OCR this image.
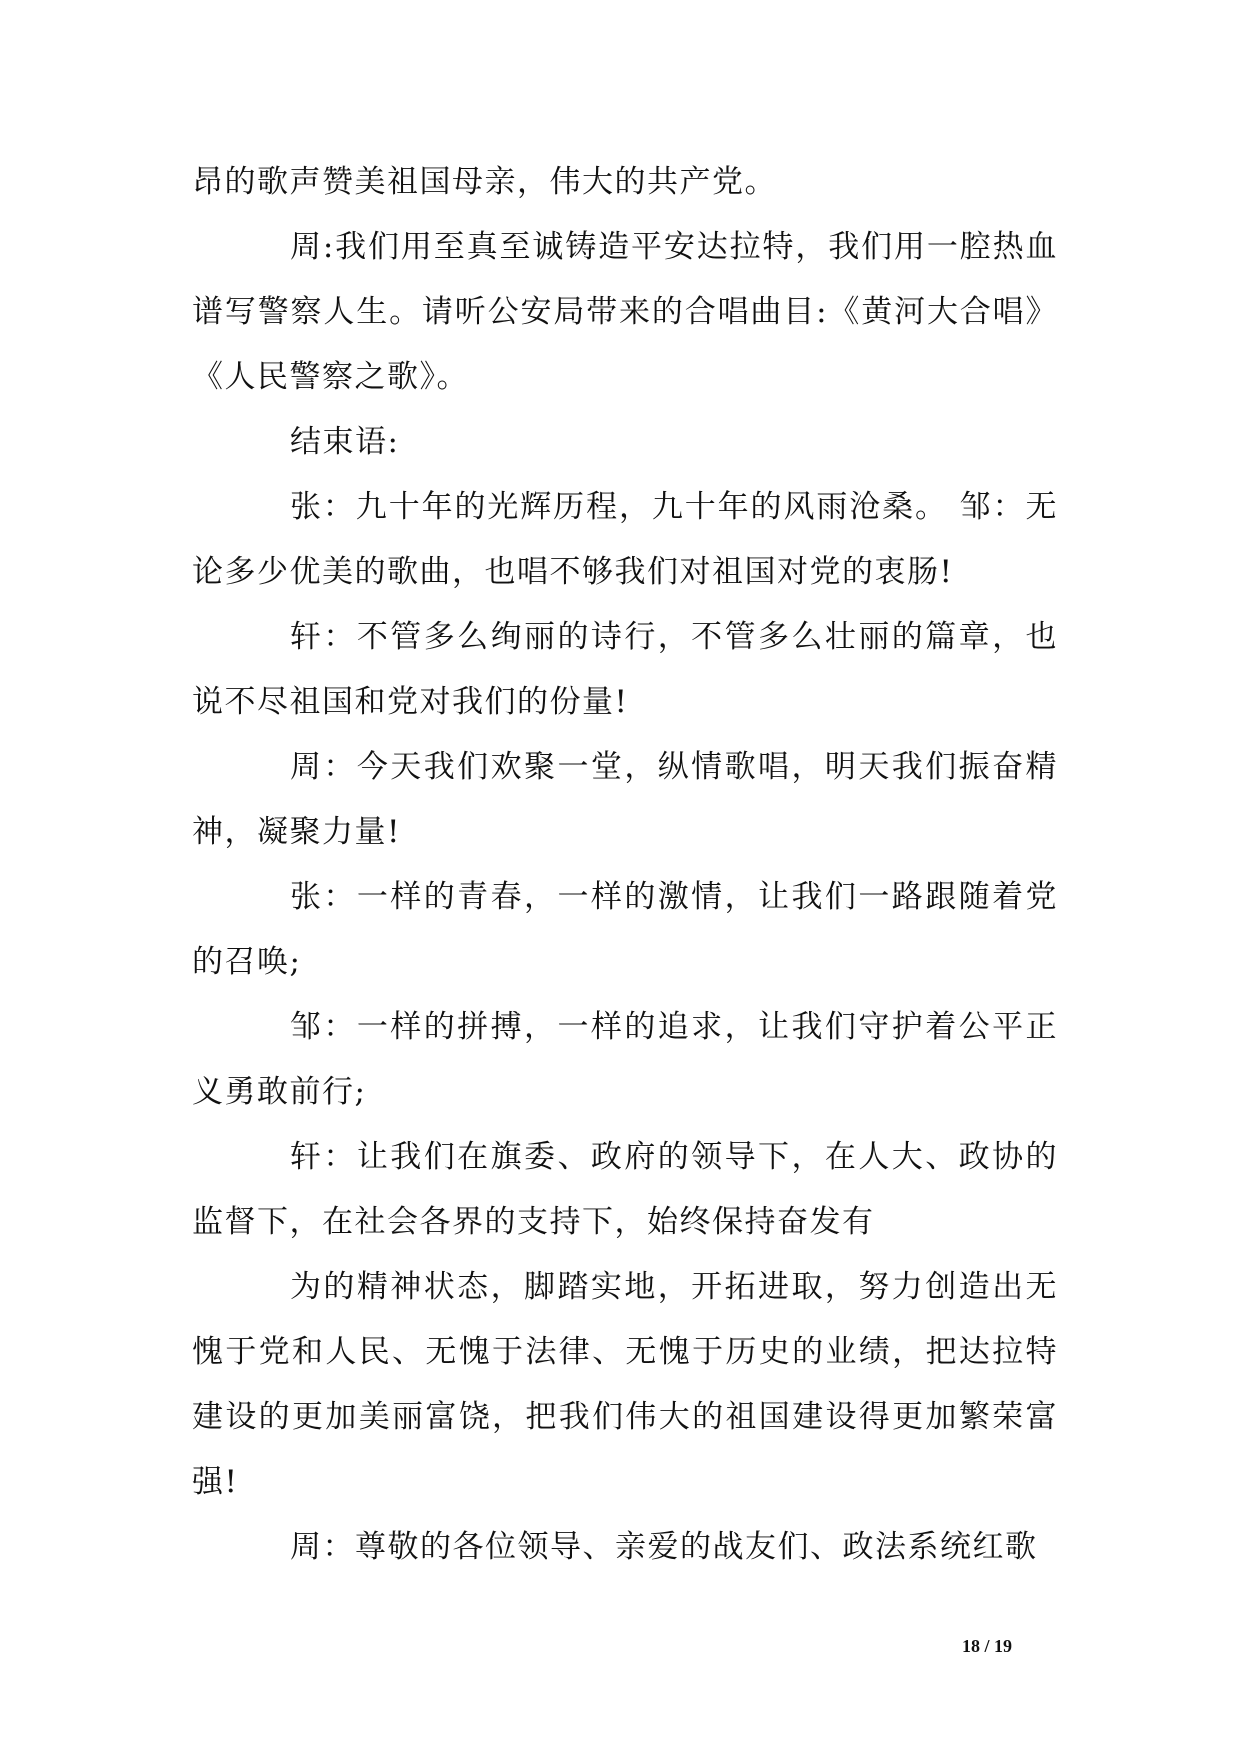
昂的歌声赞美祖国母亲，伟大的共产党。

周:我们用至真至诚铸造平安达拉特，我们用一腔热血谱写警察人生。请听公安局带来的合唱曲目:《黄河大合唱》《人民警察之歌》。

结束语:

张：九十年的光辉历程，九十年的风雨沧桑。 邹：无论多少优美的歌曲，也唱不够我们对祖国对党的衷肠!

轩：不管多么绚丽的诗行，不管多么壮丽的篇章，也说不尽祖国和党对我们的份量!

周：今天我们欢聚一堂，纵情歌唱，明天我们振奋精神，凝聚力量!

张：一样的青春，一样的激情，让我们一路跟随着党的召唤;

邹：一样的拼搏，一样的追求，让我们守护着公平正义勇敢前行;

轩：让我们在旗委、政府的领导下，在人大、政协的监督下，在社会各界的支持下，始终保持奋发有

为的精神状态，脚踏实地，开拓进取，努力创造出无愧于党和人民、无愧于法律、无愧于历史的业绩，把达拉特建设的更加美丽富饶，把我们伟大的祖国建设得更加繁荣富强!

周：尊敬的各位领导、亲爱的战友们、政法系统红歌

18 / 19
